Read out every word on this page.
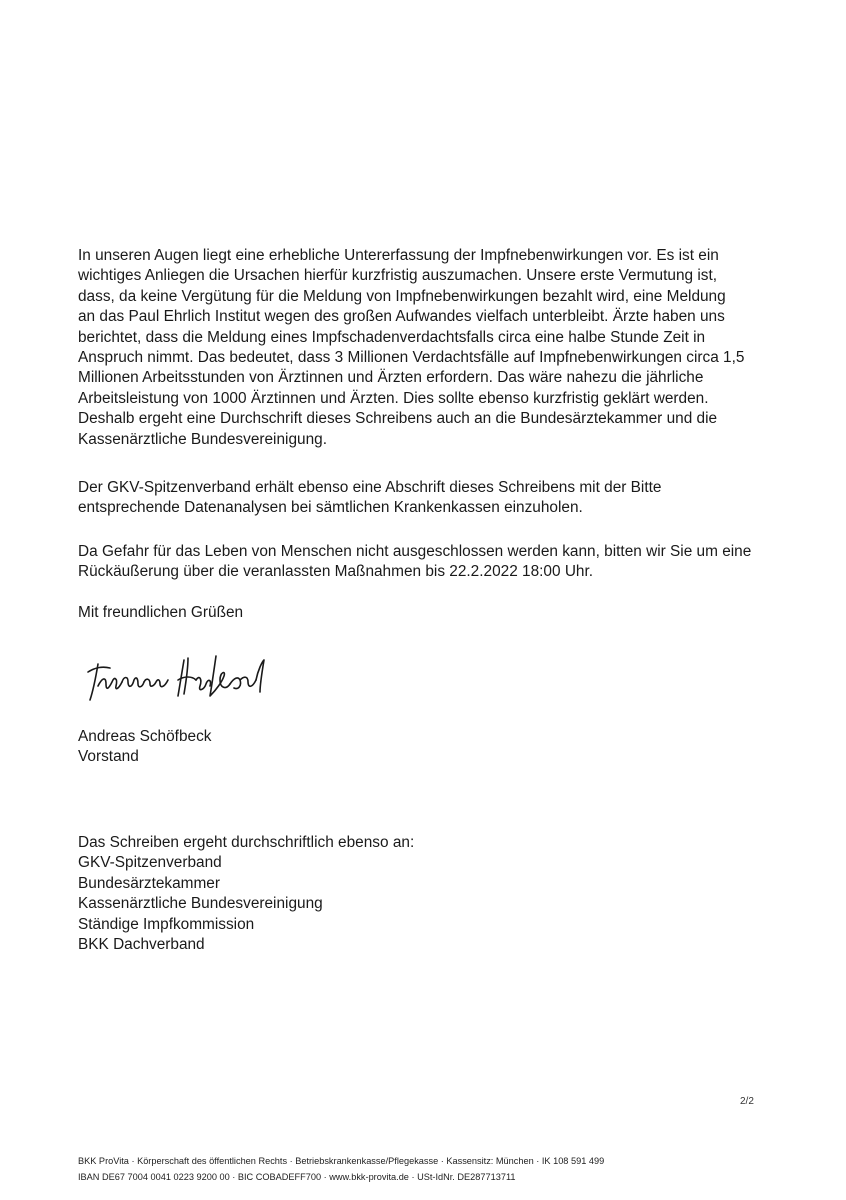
In unseren Augen liegt eine erhebliche Untererfassung der Impfnebenwirkungen vor. Es ist ein
wichtiges Anliegen die Ursachen hierfür kurzfristig auszumachen. Unsere erste Vermutung ist,
dass, da keine Vergütung für die Meldung von Impfnebenwirkungen bezahlt wird, eine Meldung
an das Paul Ehrlich Institut wegen des großen Aufwandes vielfach unterbleibt. Ärzte haben uns
berichtet, dass die Meldung eines Impfschadenverdachtsfalls circa eine halbe Stunde Zeit in
Anspruch nimmt. Das bedeutet, dass 3 Millionen Verdachtsfälle auf Impfnebenwirkungen circa 1,5
Millionen Arbeitsstunden von Ärztinnen und Ärzten erfordern. Das wäre nahezu die jährliche
Arbeitsleistung von 1000 Ärztinnen und Ärzten. Dies sollte ebenso kurzfristig geklärt werden.
Deshalb ergeht eine Durchschrift dieses Schreibens auch an die Bundesärztekammer und die
Kassenärztliche Bundesvereinigung.
Der GKV-Spitzenverband erhält ebenso eine Abschrift dieses Schreibens mit der Bitte
entsprechende Datenanalysen bei sämtlichen Krankenkassen einzuholen.
Da Gefahr für das Leben von Menschen nicht ausgeschlossen werden kann, bitten wir Sie um eine
Rückäußerung über die veranlassten Maßnahmen bis 22.2.2022 18:00 Uhr.
Mit freundlichen Grüßen
Andreas Schöfbeck
Vorstand
Das Schreiben ergeht durchschriftlich ebenso an:
GKV-Spitzenverband
Bundesärztekammer
Kassenärztliche Bundesvereinigung
Ständige Impfkommission
BKK Dachverband
2/2
BKK ProVita · Körperschaft des öffentlichen Rechts · Betriebskrankenkasse/Pflegekasse · Kassensitz: München · IK 108 591 499
IBAN DE67 7004 0041 0223 9200 00 · BIC COBADEFF700 · www.bkk-provita.de · USt-IdNr. DE287713711
